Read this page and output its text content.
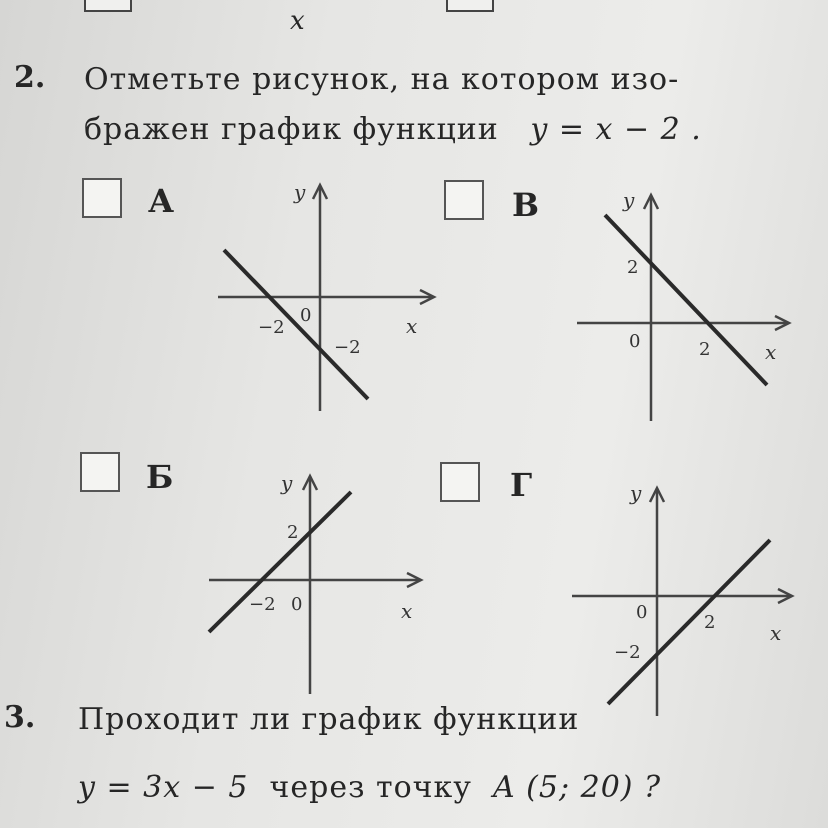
x
2. Отметьте рисунок, на котором изо-
бражен график функции y = x − 2 .
А	y
x
−2
0
−2
В	y
x
2
0	2
Б	y
x
2
−2 0
Г	y
x
0	2
−2
3. Проходит ли график функции
y = 3x − 5 через точку A (5; 20) ?
